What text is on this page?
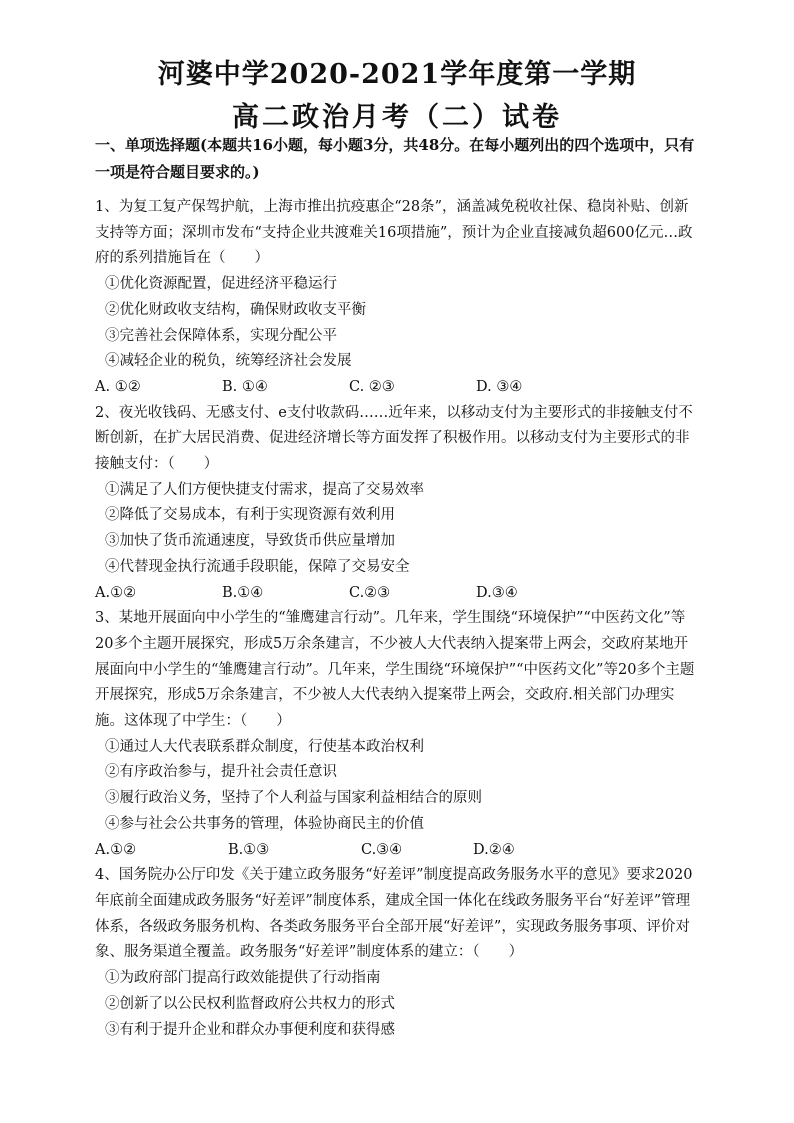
河婆中学2020-2021学年度第一学期
高二政治月考（二）试卷
一、单项选择题(本题共16小题，每小题3分，共48分。在每小题列出的四个选项中，只有一项是符合题目要求的。)

1、为复工复产保驾护航，上海市推出抗疫惠企“28条”，涵盖减免税收社保、稳岗补贴、创新支持等方面；深圳市发布“支持企业共渡难关16项措施”，预计为企业直接减负超600亿元…政府的系列措施旨在（　　）

①优化资源配置，促进经济平稳运行
②优化财政收支结构，确保财政收支平衡
③完善社会保障体系，实现分配公平
④减轻企业的税负，统筹经济社会发展
A. ①②	B. ①④	C. ②③	D. ③④

2、夜光收钱码、无感支付、e支付收款码……近年来，以移动支付为主要形式的非接触支付不断创新，在扩大居民消费、促进经济增长等方面发挥了积极作用。以移动支付为主要形式的非接触支付：（　　）

①满足了人们方便快捷支付需求，提高了交易效率
②降低了交易成本，有利于实现资源有效利用
③加快了货币流通速度，导致货币供应量增加
④代替现金执行流通手段职能，保障了交易安全
A.①②	B.①④	C.②③	D.③④

3、某地开展面向中小学生的“雏鹰建言行动”。几年来，学生围绕“环境保护”“中医药文化”等20多个主题开展探究，形成5万余条建言，不少被人大代表纳入提案带上两会，交政府某地开展面向中小学生的“雏鹰建言行动”。几年来，学生围绕“环境保护”“中医药文化”等20多个主题开展探究，形成5万余条建言，不少被人大代表纳入提案带上两会，交政府.相关部门办理实施。这体现了中学生：（　　）

①通过人大代表联系群众制度，行使基本政治权利
②有序政治参与，提升社会责任意识
③履行政治义务，坚持了个人利益与国家利益相结合的原则
④参与社会公共事务的管理，体验协商民主的价值
A.①②	B.①③	C.③④	D.②④

4、国务院办公厅印发《关于建立政务服务“好差评”制度提高政务服务水平的意见》要求2020年底前全面建成政务服务“好差评”制度体系，建成全国一体化在线政务服务平台“好差评”管理体系，各级政务服务机构、各类政务服务平台全部开展“好差评”，实现政务服务事项、评价对象、服务渠道全覆盖。政务服务“好差评”制度体系的建立：（　　）

①为政府部门提高行政效能提供了行动指南
②创新了以公民权利监督政府公共权力的形式
③有利于提升企业和群众办事便利度和获得感
